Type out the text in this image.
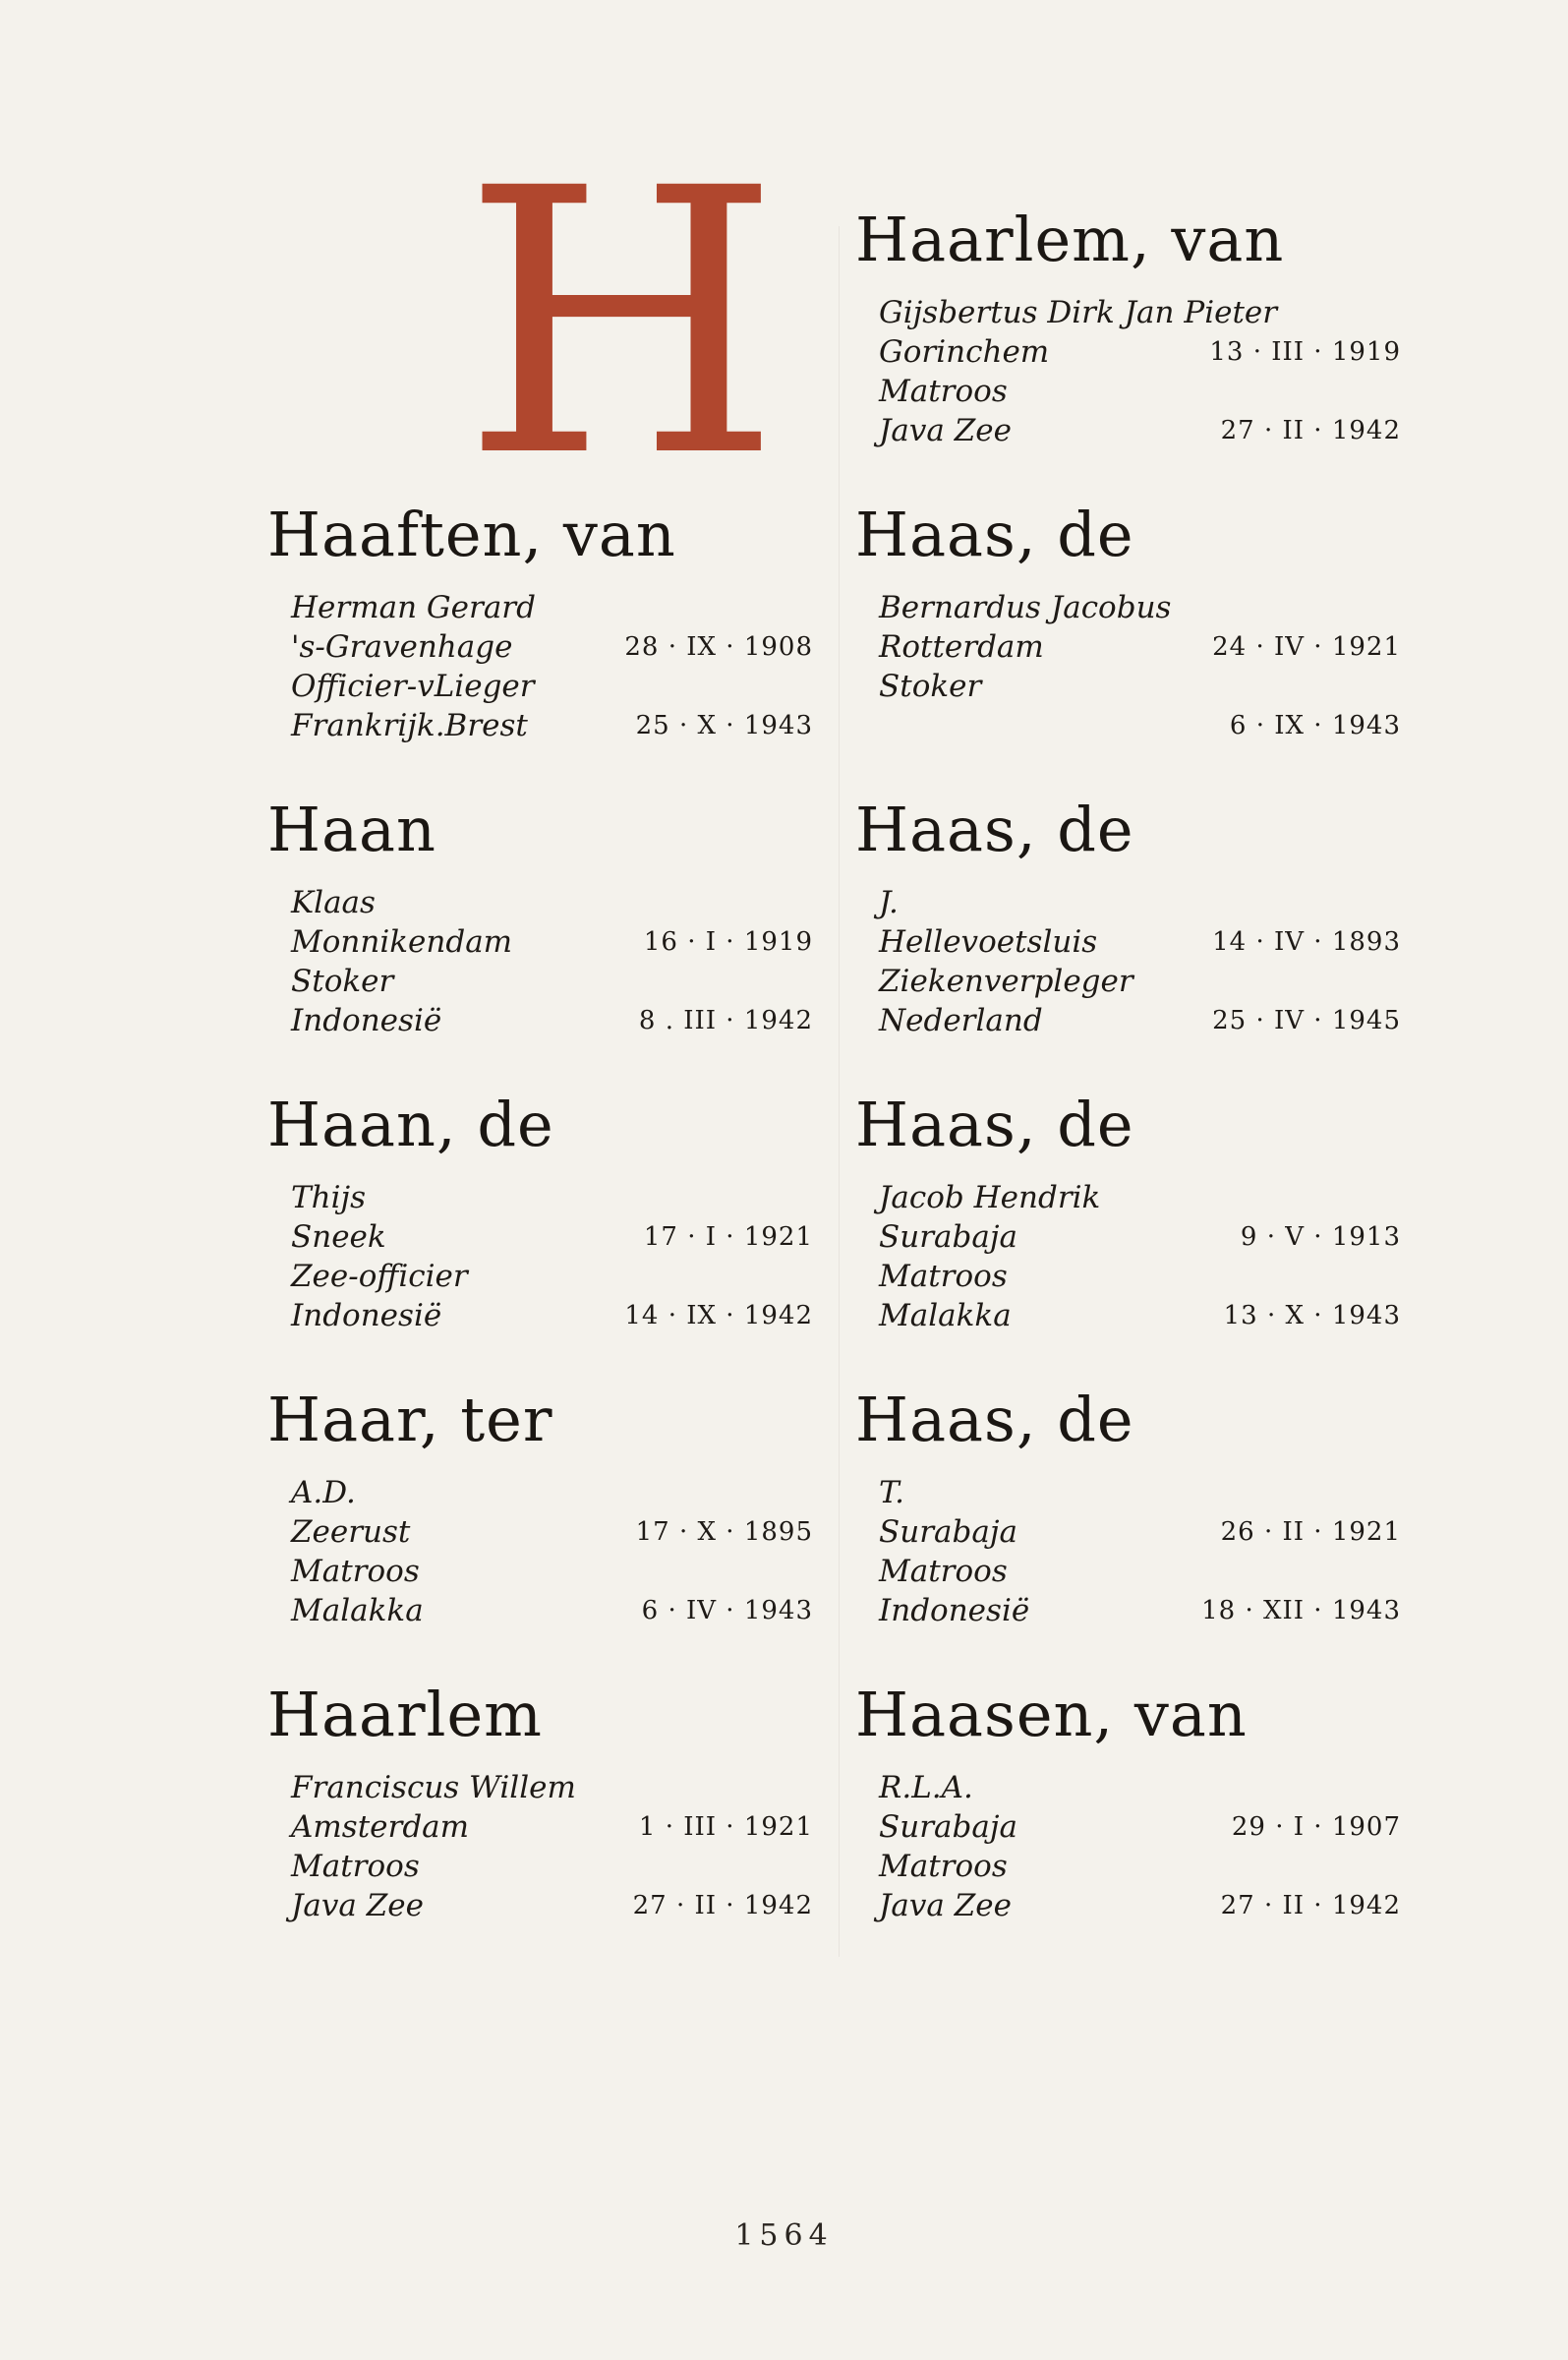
H
Haaften, van
Herman Gerard
's-Gravenhage	28 · IX · 1908
Officier-vLieger
Frankrijk.Brest	25 · X · 1943
Haan
Klaas
Monnikendam	16 · I · 1919
Stoker
Indonesië	8 . III · 1942
Haan, de
Thijs
Sneek	17 · I · 1921
Zee-officier
Indonesië	14 · IX · 1942
Haar, ter
A.D.
Zeerust	17 · X · 1895
Matroos
Malakka	6 · IV · 1943
Haarlem
Franciscus Willem
Amsterdam	1 · III · 1921
Matroos
Java Zee	27 · II · 1942
Haarlem, van
Gijsbertus Dirk Jan Pieter
Gorinchem	13 · III · 1919
Matroos
Java Zee	27 · II · 1942
Haas, de
Bernardus Jacobus
Rotterdam	24 · IV · 1921
Stoker
6 · IX · 1943
Haas, de
J.
Hellevoetsluis	14 · IV · 1893
Ziekenverpleger
Nederland	25 · IV · 1945
Haas, de
Jacob Hendrik
Surabaja	9 · V · 1913
Matroos
Malakka	13 · X · 1943
Haas, de
T.
Surabaja	26 · II · 1921
Matroos
Indonesië	18 · XII · 1943
Haasen, van
R.L.A.
Surabaja	29 · I · 1907
Matroos
Java Zee	27 · II · 1942
1564
